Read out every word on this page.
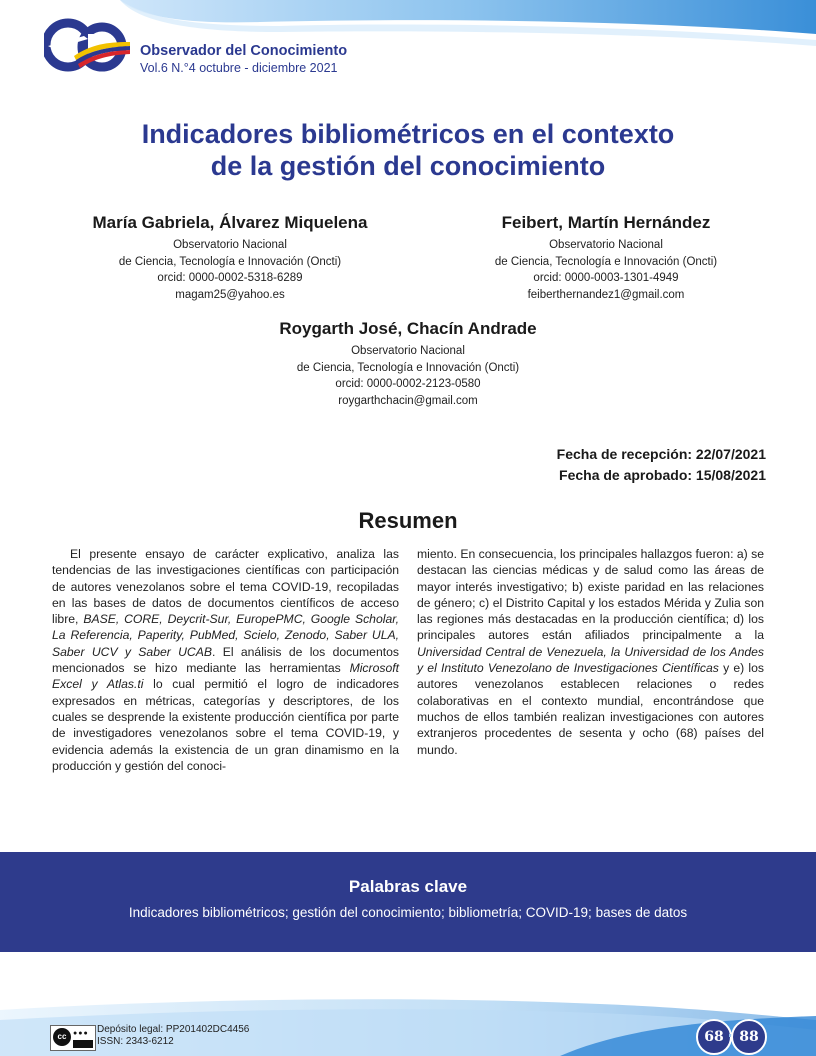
Observador del Conocimiento
Vol.6 N.°4 octubre - diciembre 2021
Indicadores bibliométricos en el contexto
de la gestión del conocimiento
María Gabriela, Álvarez Miquelena
Observatorio Nacional
de Ciencia, Tecnología e Innovación (Oncti)
orcid: 0000-0002-5318-6289
magam25@yahoo.es
Feibert, Martín Hernández
Observatorio Nacional
de Ciencia, Tecnología e Innovación (Oncti)
orcid: 0000-0003-1301-4949
feiberthernandez1@gmail.com
Roygarth José, Chacín Andrade
Observatorio Nacional
de Ciencia, Tecnología e Innovación (Oncti)
orcid: 0000-0002-2123-0580
roygarthchacin@gmail.com
Fecha de recepción: 22/07/2021
Fecha de aprobado: 15/08/2021
Resumen
El presente ensayo de carácter explicativo, analiza las tendencias de las investigaciones científicas con participación de autores venezolanos sobre el tema COVID-19, recopiladas en las bases de datos de documentos científicos de acceso libre, BASE, CORE, Deycrit-Sur, EuropePMC, Google Scholar, La Referencia, Paperity, PubMed, Scielo, Zenodo, Saber ULA, Saber UCV y Saber UCAB. El análisis de los documentos mencionados se hizo mediante las herramientas Microsoft Excel y Atlas.ti lo cual permitió el logro de indicadores expresados en métricas, categorías y descriptores, de los cuales se desprende la existente producción científica por parte de investigadores venezolanos sobre el tema COVID-19, y evidencia además la existencia de un gran dinamismo en la producción y gestión del conoci-
miento. En consecuencia, los principales hallazgos fueron: a) se destacan las ciencias médicas y de salud como las áreas de mayor interés investigativo; b) existe paridad en las relaciones de género; c) el Distrito Capital y los estados Mérida y Zulia son las regiones más destacadas en la producción científica; d) los principales autores están afiliados principalmente a la Universidad Central de Venezuela, la Universidad de los Andes y el Instituto Venezolano de Investigaciones Científicas y e) los autores venezolanos establecen relaciones o redes colaborativas en el contexto mundial, encontrándose que muchos de ellos también realizan investigaciones con autores extranjeros procedentes de sesenta y ocho (68) países del mundo.
Palabras clave
Indicadores bibliométricos; gestión del conocimiento; bibliometría; COVID-19; bases de datos
cc ●●● Depósito legal: PP201402DC4456
ISSN: 2343-6212	68	88
